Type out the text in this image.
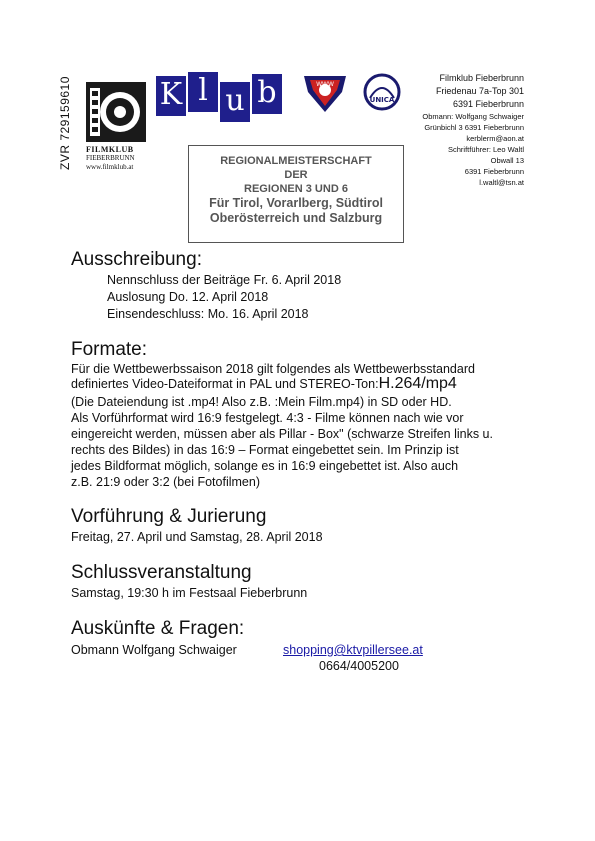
ZVR 729159610 FILMKLUB
FIEBERBRUNN
www.filmklub.at
K l u b	WWW
UNICA
Filmklub Fieberbrunn
Friedenau 7a-Top 301
6391 Fieberbrunn
Obmann: Wolfgang Schwaiger
Grünbichl 3 6391 Fieberbrunn
kerblerm@aon.at
Schriftführer: Leo Waltl
Obwall 13
6391 Fieberbrunn
l.waltl@tsn.at
REGIONALMEISTERSCHAFT
DER
REGIONEN 3 UND 6
Für Tirol, Vorarlberg, Südtirol
Oberösterreich und Salzburg
Ausschreibung:
Nennschluss der Beiträge Fr. 6. April 2018
Auslosung Do. 12. April 2018
Einsendeschluss: Mo. 16. April 2018
Formate:
Für die Wettbewerbssaison 2018 gilt folgendes als Wettbewerbsstandard
definiertes Video-Dateiformat in PAL und STEREO-Ton:H.264/mp4
(Die Dateiendung ist .mp4! Also z.B. :Mein Film.mp4) in SD oder HD.
Als Vorführformat wird 16:9 festgelegt. 4:3 - Filme können nach wie vor
eingereicht werden, müssen aber als Pillar - Box" (schwarze Streifen links u.
rechts des Bildes) in das 16:9 – Format eingebettet sein. Im Prinzip ist
jedes Bildformat möglich, solange es in 16:9 eingebettet ist. Also auch
z.B. 21:9 oder 3:2 (bei Fotofilmen)
Vorführung & Jurierung
Freitag, 27. April und Samstag, 28. April 2018
Schlussveranstaltung
Samstag, 19:30 h im Festsaal Fieberbrunn
Auskünfte & Fragen:
Obmann Wolfgang Schwaiger	shopping@ktvpillersee.at
0664/4005200
